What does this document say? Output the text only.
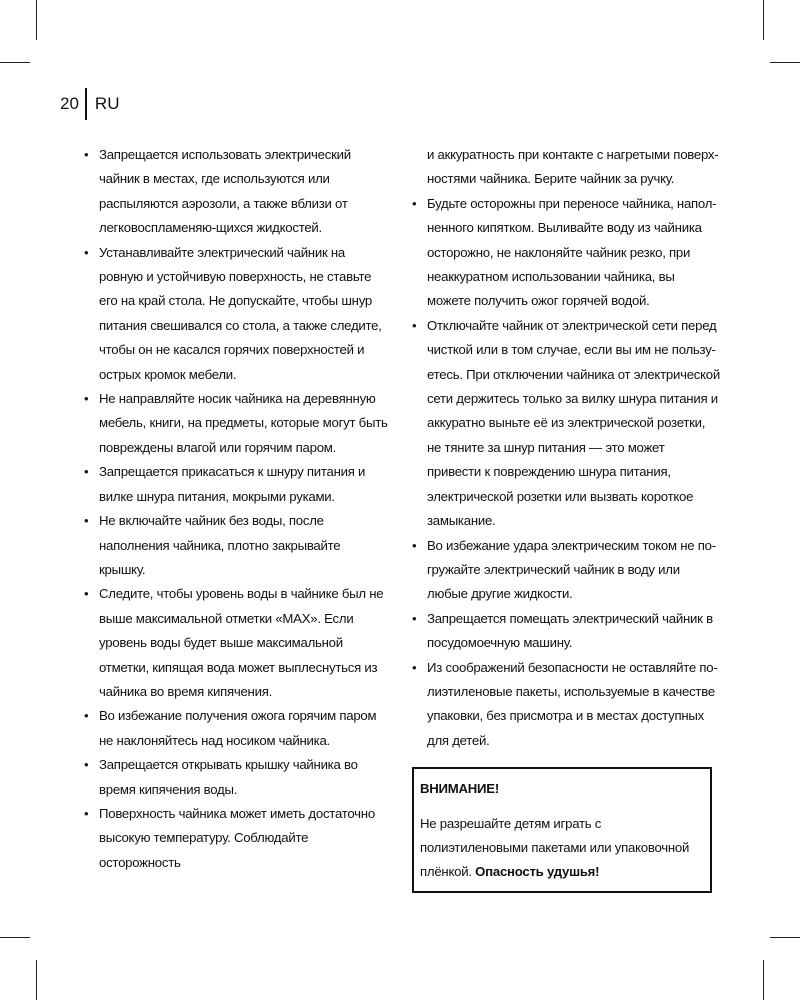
20 RU
• Запрещается использовать электрический чайник в местах, где используются или распыляются аэрозоли, а также вблизи от легковоспламеняю-щихся жидкостей.
• Устанавливайте электрический чайник на ровную и устойчивую поверхность, не ставьте его на край стола. Не допускайте, чтобы шнур питания свешивался со стола, а также следите, чтобы он не касался горячих поверхностей и острых кромок мебели.
• Не направляйте носик чайника на деревянную мебель, книги, на предметы, которые могут быть повреждены влагой или горячим паром.
• Запрещается прикасаться к шнуру питания и вилке шнура питания, мокрыми руками.
• Не включайте чайник без воды, после наполнения чайника, плотно закрывайте крышку.
• Следите, чтобы уровень воды в чайнике был не выше максимальной отметки «MAX». Если уровень воды будет выше максимальной отметки, кипящая вода может выплеснуться из чайника во время кипячения.
• Во избежание получения ожога горячим паром не наклоняйтесь над носиком чайника.
• Запрещается открывать крышку чайника во время кипячения воды.
• Поверхность чайника может иметь достаточно высокую температуру. Соблюдайте осторожность
и аккуратность при контакте с нагретыми поверх-ностями чайника. Берите чайник за ручку.
• Будьте осторожны при переносе чайника, напол-ненного кипятком. Выливайте воду из чайника осторожно, не наклоняйте чайник резко, при неаккуратном использовании чайника, вы можете получить ожог горячей водой.
• Отключайте чайник от электрической сети перед чисткой или в том случае, если вы им не пользу-етесь. При отключении чайника от электрической сети держитесь только за вилку шнура питания и аккуратно выньте её из электрической розетки, не тяните за шнур питания — это может привести к повреждению шнура питания, электрической розетки или вызвать короткое замыкание.
• Во избежание удара электрическим током не по-гружайте электрический чайник в воду или любые другие жидкости.
• Запрещается помещать электрический чайник в посудомоечную машину.
• Из соображений безопасности не оставляйте по-лиэтиленовые пакеты, используемые в качестве упаковки, без присмотра и в местах доступных для детей.
ВНИМАНИЕ!
Не разрешайте детям играть с полиэтиленовыми пакетами или упаковочной плёнкой. Опасность удушья!
